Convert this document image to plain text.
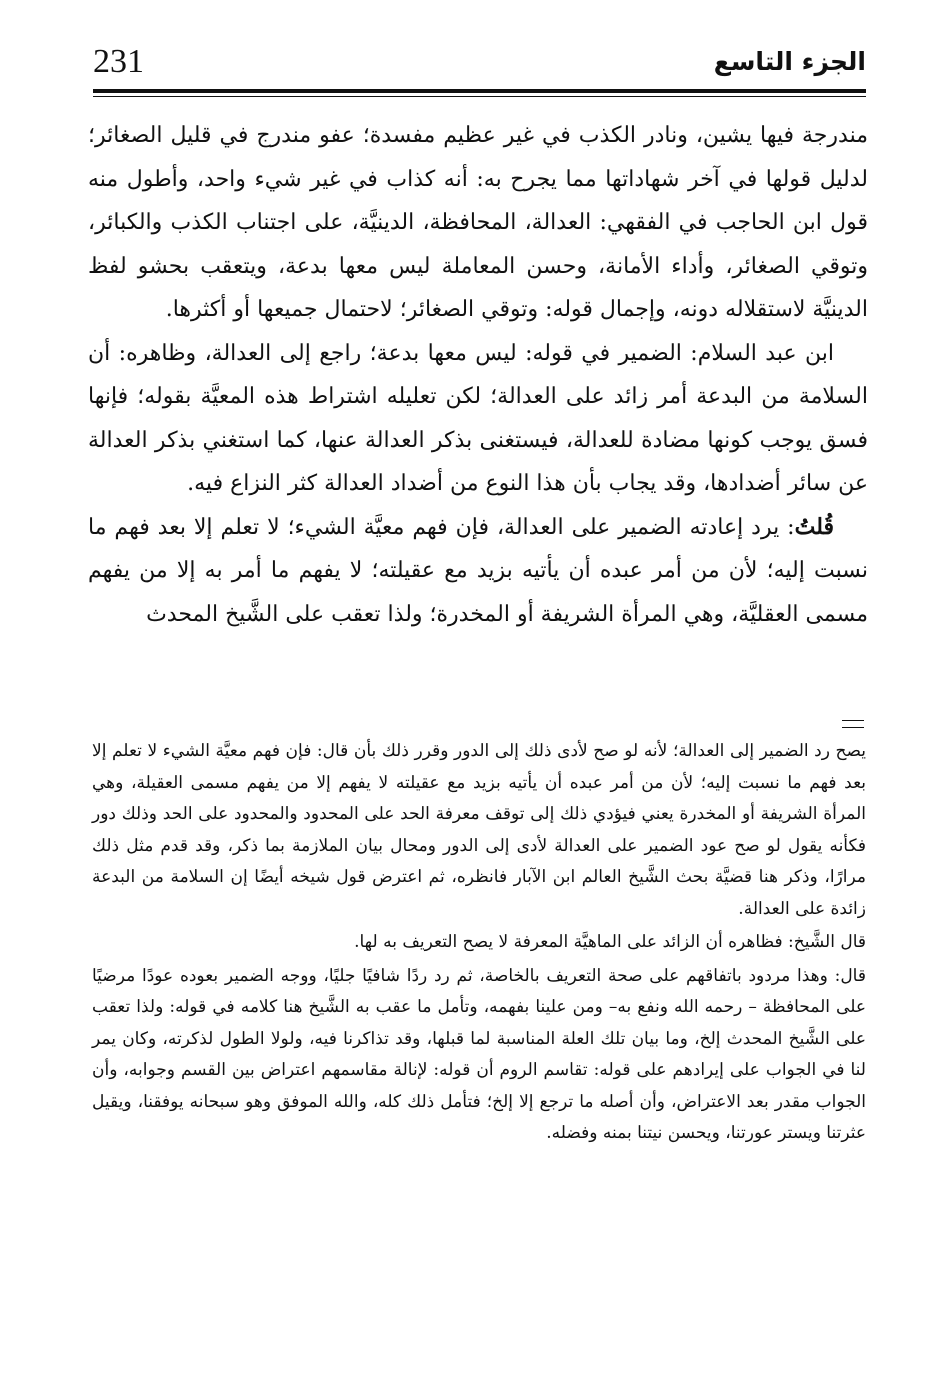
231	الجزء التاسع

مندرجة فيها يشين، ونادر الكذب في غير عظيم مفسدة؛ عفو مندرج في قليل الصغائر؛ لدليل قولها في آخر شهاداتها مما يجرح به: أنه كذاب في غير شيء واحد، وأطول منه قول ابن الحاجب في الفقهي: العدالة، المحافظة، الدينيَّة، على اجتناب الكذب والكبائر، وتوقي الصغائر، وأداء الأمانة، وحسن المعاملة ليس معها بدعة، ويتعقب بحشو لفظ الدينيَّة لاستقلاله دونه، وإجمال قوله: وتوقي الصغائر؛ لاحتمال جميعها أو أكثرها.

ابن عبد السلام: الضمير في قوله: ليس معها بدعة؛ راجع إلى العدالة، وظاهره: أن السلامة من البدعة أمر زائد على العدالة؛ لكن تعليله اشتراط هذه المعيَّة بقوله؛ فإنها فسق يوجب كونها مضادة للعدالة، فيستغنى بذكر العدالة عنها، كما استغني بذكر العدالة عن سائر أضدادها، وقد يجاب بأن هذا النوع من أضداد العدالة كثر النزاع فيه.

قُلتُ: يرد إعادته الضمير على العدالة، فإن فهم معيَّة الشيء؛ لا تعلم إلا بعد فهم ما نسبت إليه؛ لأن من أمر عبده أن يأتيه بزيد مع عقيلته؛ لا يفهم ما أمر به إلا من يفهم مسمى العقليَّة، وهي المرأة الشريفة أو المخدرة؛ ولذا تعقب على الشَّيخ المحدث

يصح رد الضمير إلى العدالة؛ لأنه لو صح لأدى ذلك إلى الدور وقرر ذلك بأن قال: فإن فهم معيَّة الشيء لا تعلم إلا بعد فهم ما نسبت إليه؛ لأن من أمر عبده أن يأتيه بزيد مع عقيلته لا يفهم إلا من يفهم مسمى العقيلة، وهي المرأة الشريفة أو المخدرة يعني فيؤدي ذلك إلى توقف معرفة الحد على المحدود والمحدود على الحد وذلك دور فكأنه يقول لو صح عود الضمير على العدالة لأدى إلى الدور ومحال بيان الملازمة بما ذكر، وقد قدم مثل ذلك مرارًا، وذكر هنا قضيَّة بحث الشَّيخ العالم ابن الآبار فانظره، ثم اعترض قول شيخه أيضًا إن السلامة من البدعة زائدة على العدالة.

قال الشَّيخ: فظاهره أن الزائد على الماهيَّة المعرفة لا يصح التعريف به لها.

قال: وهذا مردود باتفاقهم على صحة التعريف بالخاصة، ثم رد ردًا شافيًا جليًا، ووجه الضمير بعوده عودًا مرضيًا على المحافظة – رحمه الله ونفع به– ومن علينا بفهمه، وتأمل ما عقب به الشَّيخ هنا كلامه في قوله: ولذا تعقب على الشَّيخ المحدث إلخ، وما بيان تلك العلة المناسبة لما قبلها، وقد تذاكرنا فيه، ولولا الطول لذكرته، وكان يمر لنا في الجواب على إيرادهم على قوله: تقاسم الروم أن قوله: لإنالة مقاسمهم اعتراض بين القسم وجوابه، وأن الجواب مقدر بعد الاعتراض، وأن أصله ما ترجع إلا إلخ؛ فتأمل ذلك كله، والله الموفق وهو سبحانه يوفقنا، ويقيل عثرتنا ويستر عورتنا، ويحسن نيتنا بمنه وفضله.
